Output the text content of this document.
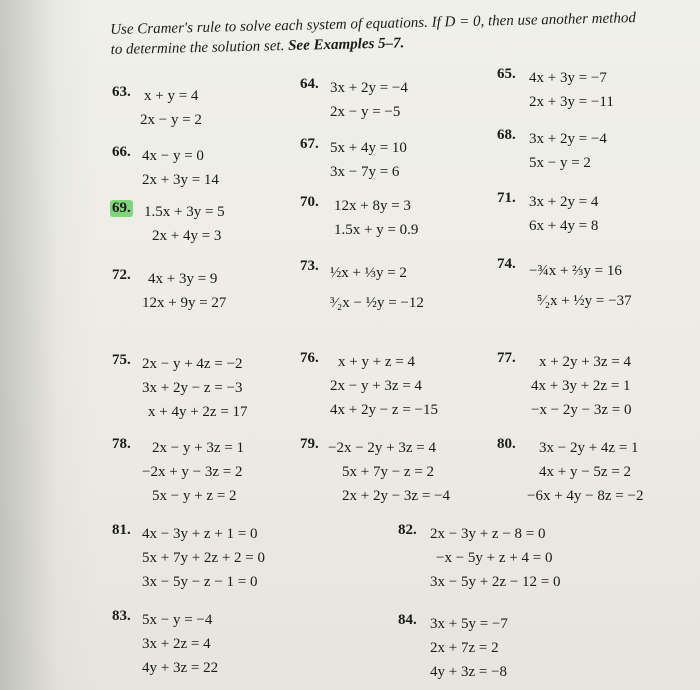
Use Cramer's rule to solve each system of equations. If D = 0, then use another method
to determine the solution set. See Examples 5–7.
63. x + y = 4
2x − y = 2
64. 3x + 2y = −4
2x − y = −5
65. 4x + 3y = −7
2x + 3y = −11
66. 4x − y = 0
2x + 3y = 14
67. 5x + 4y = 10
3x − 7y = 6
68. 3x + 2y = −4
5x − y = 2
69. 1.5x + 3y = 5
2x + 4y = 3
70. 12x + 8y = 3
1.5x + y = 0.9
71. 3x + 2y = 4
6x + 4y = 8
72. 4x + 3y = 9
12x + 9y = 27
73. ½x + ⅓y = 2
³⁄₂x − ½y = −12
74. −¾x + ⅔y = 16
⁵⁄₂x + ½y = −37
75. 2x − y + 4z = −2
3x + 2y − z = −3
x + 4y + 2z = 17
76. x + y + z = 4
2x − y + 3z = 4
4x + 2y − z = −15
77. x + 2y + 3z = 4
4x + 3y + 2z = 1
−x − 2y − 3z = 0
78. 2x − y + 3z = 1
−2x + y − 3z = 2
5x − y + z = 2
79. −2x − 2y + 3z = 4
5x + 7y − z = 2
2x + 2y − 3z = −4
80. 3x − 2y + 4z = 1
4x + y − 5z = 2
−6x + 4y − 8z = −2
81. 4x − 3y + z + 1 = 0
5x + 7y + 2z + 2 = 0
3x − 5y − z − 1 = 0
82. 2x − 3y + z − 8 = 0
−x − 5y + z + 4 = 0
3x − 5y + 2z − 12 = 0
83. 5x − y = −4
3x + 2z = 4
4y + 3z = 22
84. 3x + 5y = −7
2x + 7z = 2
4y + 3z = −8
